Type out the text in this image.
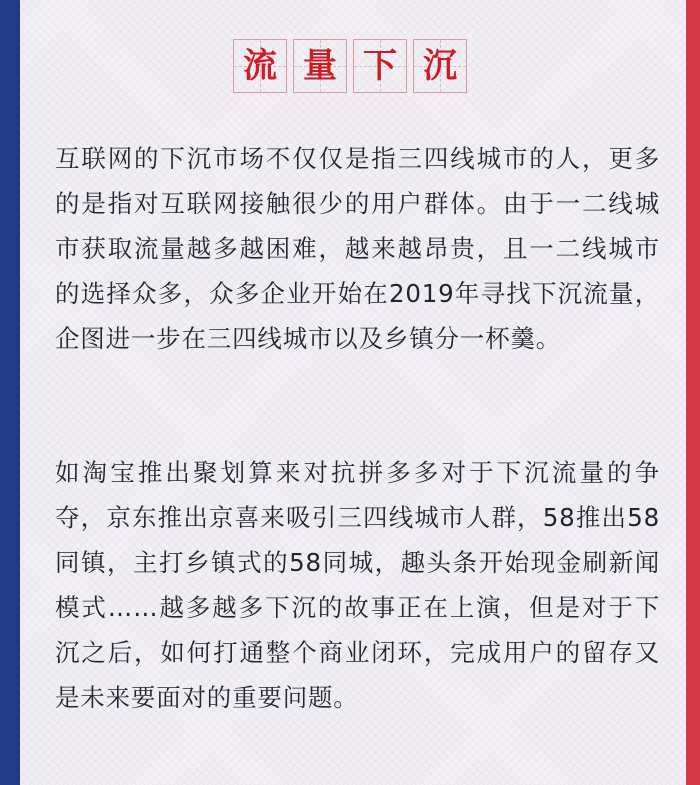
流 量 下 沉

互联网的下沉市场不仅仅是指三四线城市的人，更多的是指对互联网接触很少的用户群体。由于一二线城市获取流量越多越困难，越来越昂贵，且一二线城市的选择众多，众多企业开始在2019年寻找下沉流量，企图进一步在三四线城市以及乡镇分一杯羹。

如淘宝推出聚划算来对抗拼多多对于下沉流量的争夺，京东推出京喜来吸引三四线城市人群，58推出58同镇，主打乡镇式的58同城，趣头条开始现金刷新闻模式……越多越多下沉的故事正在上演，但是对于下沉之后，如何打通整个商业闭环，完成用户的留存又是未来要面对的重要问题。
